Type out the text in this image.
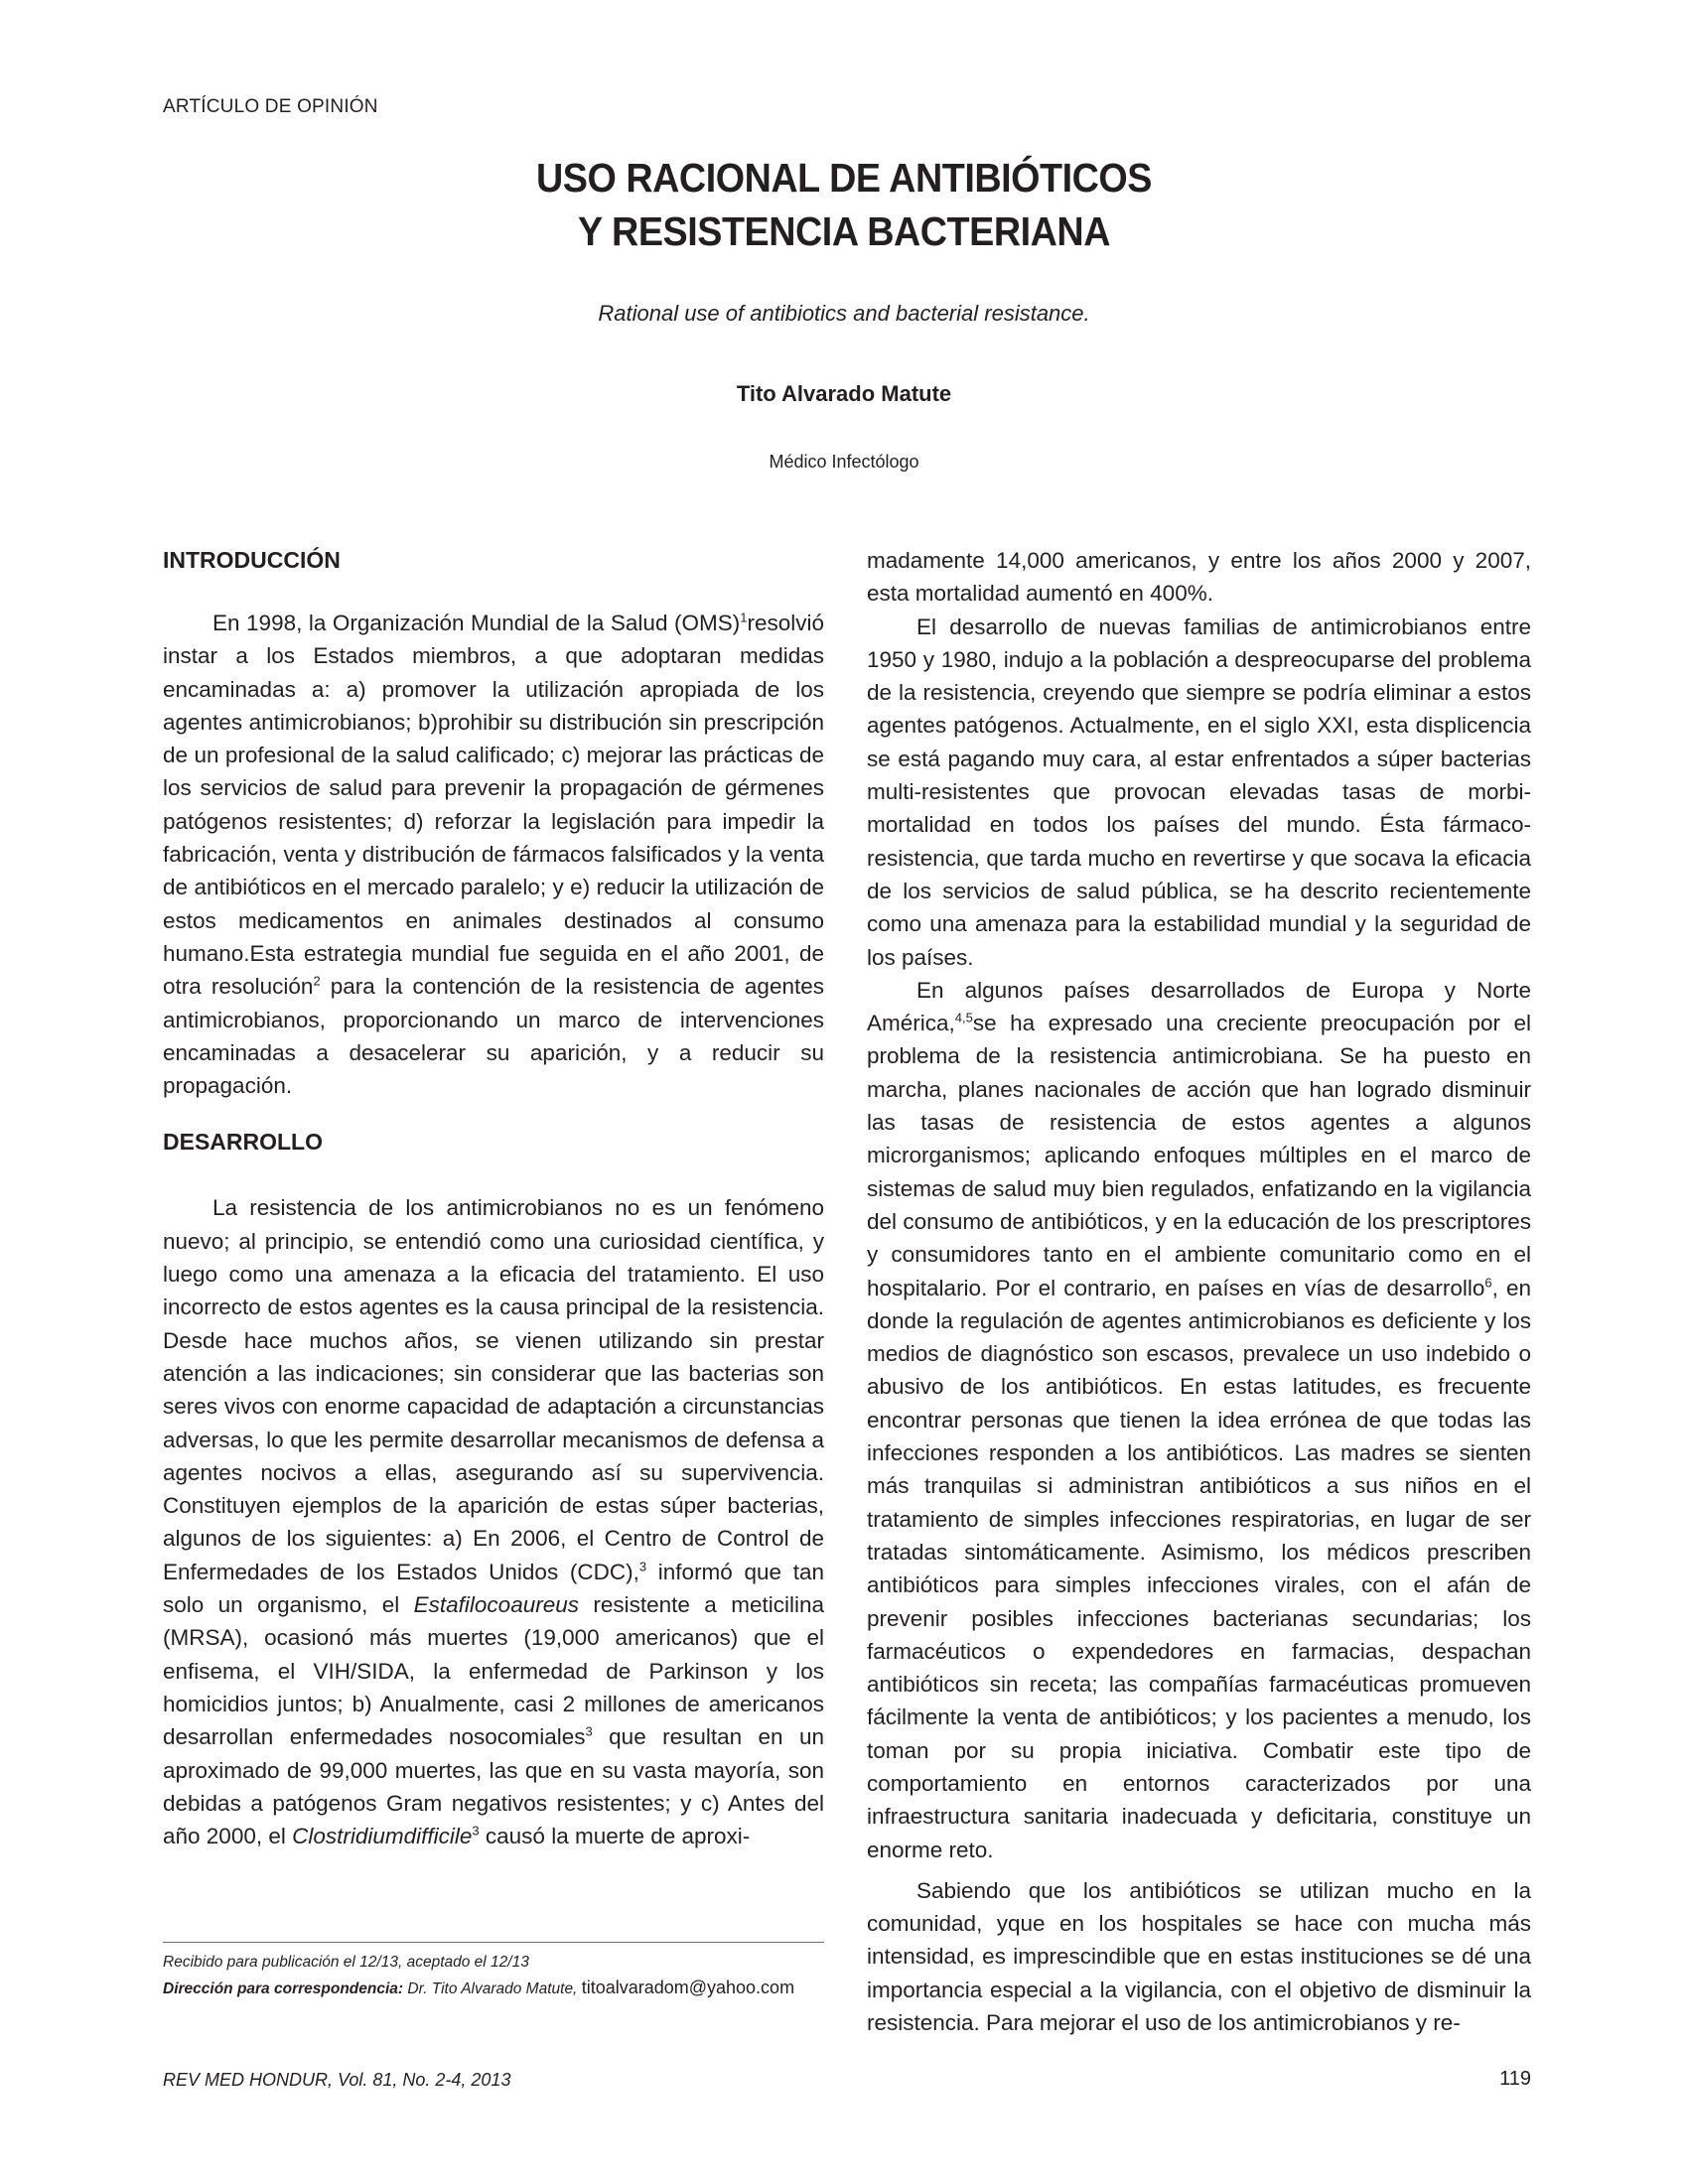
ARTÍCULO DE OPINIÓN
USO RACIONAL DE ANTIBIÓTICOS
Y RESISTENCIA BACTERIANA
Rational use of antibiotics and bacterial resistance.
Tito Alvarado Matute
Médico Infectólogo
INTRODUCCIÓN

En 1998, la Organización Mundial de la Salud (OMS)$^1$resolvió instar a los Estados miembros, a que adoptaran medidas encaminadas a: a) promover la utilización apropiada de los agentes antimicrobianos; b)prohibir su distribución sin prescripción de un profesional de la salud calificado; c) mejorar las prácticas de los servicios de salud para prevenir la propagación de gérmenes patógenos resistentes; d) reforzar la legislación para impedir la fabricación, venta y distribución de fármacos falsificados y la venta de antibióticos en el mercado paralelo; y e) reducir la utilización de estos medicamentos en animales destinados al consumo humano.Esta estrategia mundial fue seguida en el año 2001, de otra resolución$^2$ para la contención de la resistencia de agentes antimicrobianos, proporcionando un marco de intervenciones encaminadas a desacelerar su aparición, y a reducir su propagación.

DESARROLLO

La resistencia de los antimicrobianos no es un fenómeno nuevo; al principio, se entendió como una curiosidad científica, y luego como una amenaza a la eficacia del tratamiento. El uso incorrecto de estos agentes es la causa principal de la resistencia. Desde hace muchos años, se vienen utilizando sin prestar atención a las indicaciones; sin considerar que las bacterias son seres vivos con enorme capacidad de adaptación a circunstancias adversas, lo que les permite desarrollar mecanismos de defensa a agentes nocivos a ellas, asegurando así su supervivencia. Constituyen ejemplos de la aparición de estas súper bacterias, algunos de los siguientes: a) En 2006, el Centro de Control de Enfermedades de los Estados Unidos (CDC),$^3$ informó que tan solo un organismo, el Estafilocoaureus resistente a meticilina (MRSA), ocasionó más muertes (19,000 americanos) que el enfisema, el VIH/SIDA, la enfermedad de Parkinson y los homicidios juntos; b) Anualmente, casi 2 millones de americanos desarrollan enfermedades nosocomiales$^3$ que resultan en un aproximado de 99,000 muertes, las que en su vasta mayoría, son debidas a patógenos Gram negativos resistentes; y c) Antes del año 2000, el Clostridiumdifficile$^3$ causó la muerte de aproxi-

madamente 14,000 americanos, y entre los años 2000 y 2007, esta mortalidad aumentó en 400%.

El desarrollo de nuevas familias de antimicrobianos entre 1950 y 1980, indujo a la población a despreocuparse del problema de la resistencia, creyendo que siempre se podría eliminar a estos agentes patógenos. Actualmente, en el siglo XXI, esta displicencia se está pagando muy cara, al estar enfrentados a súper bacterias multi-resistentes que provocan elevadas tasas de morbi-mortalidad en todos los países del mundo. Ésta fármaco-resistencia, que tarda mucho en revertirse y que socava la eficacia de los servicios de salud pública, se ha descrito recientemente como una amenaza para la estabilidad mundial y la seguridad de los países.

En algunos países desarrollados de Europa y Norte América,$^{4,5}$se ha expresado una creciente preocupación por el problema de la resistencia antimicrobiana. Se ha puesto en marcha, planes nacionales de acción que han logrado disminuir las tasas de resistencia de estos agentes a algunos microrganismos; aplicando enfoques múltiples en el marco de sistemas de salud muy bien regulados, enfatizando en la vigilancia del consumo de antibióticos, y en la educación de los prescriptores y consumidores tanto en el ambiente comunitario como en el hospitalario. Por el contrario, en países en vías de desarrollo$^6$, en donde la regulación de agentes antimicrobianos es deficiente y los medios de diagnóstico son escasos, prevalece un uso indebido o abusivo de los antibióticos. En estas latitudes, es frecuente encontrar personas que tienen la idea errónea de que todas las infecciones responden a los antibióticos. Las madres se sienten más tranquilas si administran antibióticos a sus niños en el tratamiento de simples infecciones respiratorias, en lugar de ser tratadas sintomáticamente. Asimismo, los médicos prescriben antibióticos para simples infecciones virales, con el afán de prevenir posibles infecciones bacterianas secundarias; los farmacéuticos o expendedores en farmacias, despachan antibióticos sin receta; las compañías farmacéuticas promueven fácilmente la venta de antibióticos; y los pacientes a menudo, los toman por su propia iniciativa. Combatir este tipo de comportamiento en entornos caracterizados por una infraestructura sanitaria inadecuada y deficitaria, constituye un enorme reto.

Sabiendo que los antibióticos se utilizan mucho en la comunidad, yque en los hospitales se hace con mucha más intensidad, es imprescindible que en estas instituciones se dé una importancia especial a la vigilancia, con el objetivo de disminuir la resistencia. Para mejorar el uso de los antimicrobianos y re-

Recibido para publicación el 12/13, aceptado el 12/13
Dirección para correspondencia: Dr. Tito Alvarado Matute, titoalvaradom@yahoo.com
REV MED HONDUR, Vol. 81, No. 2-4, 2013	119
